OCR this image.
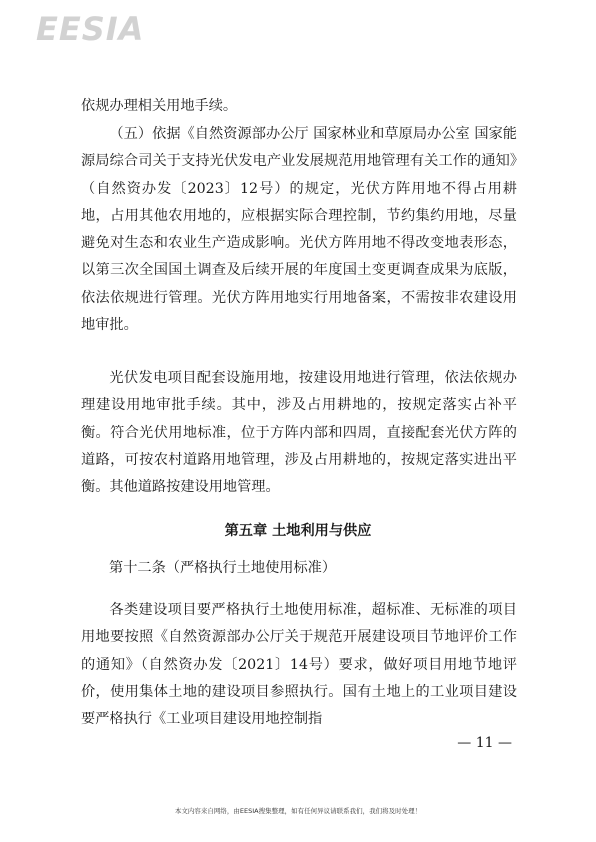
EESIA
依规办理相关用地手续。
（五）依据《自然资源部办公厅 国家林业和草原局办公室 国家能源局综合司关于支持光伏发电产业发展规范用地管理有关工作的通知》（自然资办发〔2023〕12号）的规定，光伏方阵用地不得占用耕地，占用其他农用地的，应根据实际合理控制，节约集约用地，尽量避免对生态和农业生产造成影响。光伏方阵用地不得改变地表形态，以第三次全国国土调查及后续开展的年度国土变更调查成果为底版，依法依规进行管理。光伏方阵用地实行用地备案，不需按非农建设用地审批。
光伏发电项目配套设施用地，按建设用地进行管理，依法依规办理建设用地审批手续。其中，涉及占用耕地的，按规定落实占补平衡。符合光伏用地标准，位于方阵内部和四周，直接配套光伏方阵的道路，可按农村道路用地管理，涉及占用耕地的，按规定落实进出平衡。其他道路按建设用地管理。
第五章 土地利用与供应
第十二条（严格执行土地使用标准）
各类建设项目要严格执行土地使用标准，超标准、无标准的项目用地要按照《自然资源部办公厅关于规范开展建设项目节地评价工作的通知》（自然资办发〔2021〕14号）要求，做好项目用地节地评价，使用集体土地的建设项目参照执行。国有土地上的工业项目建设要严格执行《工业项目建设用地控制指
— 11 —
本文内容来自网络，由EESIA搜集整理，如有任何异议请联系我们，我们将及时处理！
